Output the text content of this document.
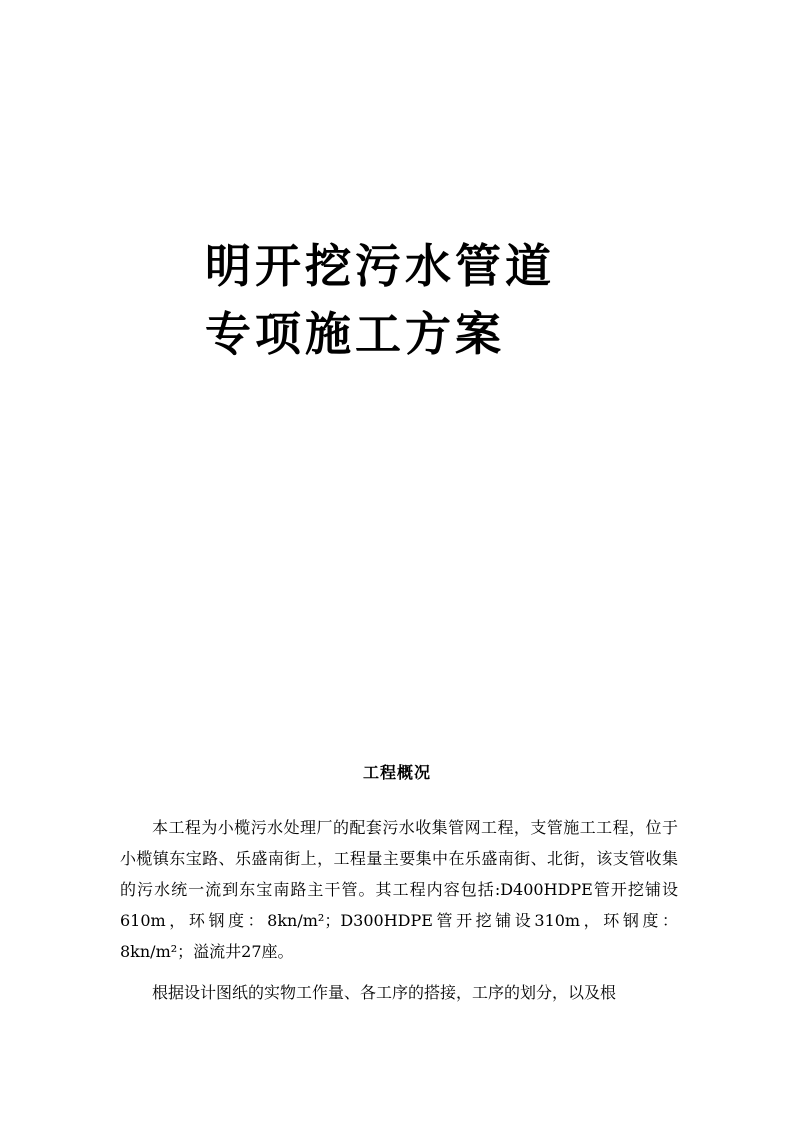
明开挖污水管道
专项施工方案
工程概况

本工程为小榄污水处理厂的配套污水收集管网工程，支管施工工程，位于小榄镇东宝路、乐盛南街上，工程量主要集中在乐盛南街、北街，该支管收集的污水统一流到东宝南路主干管。其工程内容包括:D400HDPE管开挖铺设610m，环钢度：8kn/m²；D300HDPE管开挖铺设310m，环钢度：8kn/m²；溢流井27座。

根据设计图纸的实物工作量、各工序的搭接，工序的划分，以及根
